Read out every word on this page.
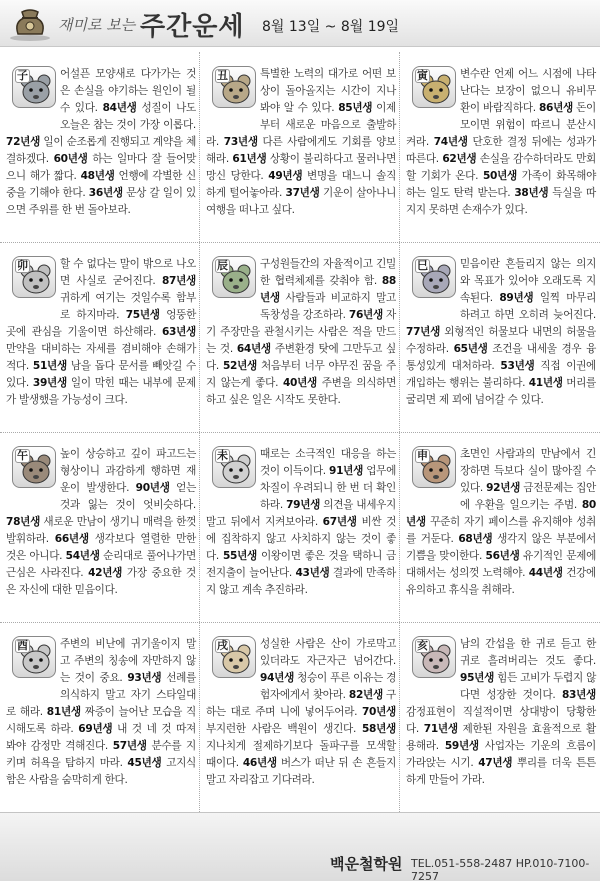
재미로 보는 주간운세 8월 13일 ~ 8월 19일
子	어설픈 모양새로 다가가는 것은 손실을 야기하는 원인이 될 수 있다. 84년생 성질이 나도 오늘은 참는 것이 가장 이롭다. 72년생 일이 순조롭게 진행되고 계약을 체결하겠다. 60년생 하는 일마다 잘 들어맞으니 해가 짧다. 48년생 언행에 각별한 신중을 기해야 한다. 36년생 문상 갈 일이 있으면 주위를 한 번 돌아보라.
丑	특별한 노력의 대가로 어떤 보상이 돌아올지는 시간이 지나봐야 알 수 있다. 85년생 이제부터 새로운 마음으로 출발하라. 73년생 다른 사람에게도 기회를 양보해라. 61년생 상황이 불리하다고 물러나면 망신 당한다. 49년생 변명을 대느니 솔직하게 털어놓아라. 37년생 기운이 살아나니 여행을 떠나고 싶다.
寅	변수란 언제 어느 시점에 나타난다는 보장이 없으니 유비무환이 바람직하다. 86년생 돈이 모이면 위험이 따르니 분산시켜라. 74년생 단호한 결정 뒤에는 성과가 따른다. 62년생 손실을 감수하더라도 만회할 기회가 온다. 50년생 가족이 화목해야 하는 일도 탄력 받는다. 38년생 득실을 따지지 못하면 손재수가 있다.
卯	할 수 없다는 말이 밖으로 나오면 사실로 굳어진다. 87년생 귀하게 여기는 것일수록 함부로 하지마라. 75년생 엉뚱한 곳에 관심을 기울이면 하산해라. 63년생 만약을 대비하는 자세를 겸비해야 손해가 적다. 51년생 남을 돕다 문서를 빼앗길 수 있다. 39년생 일이 막힌 때는 내부에 문제가 발생했을 가능성이 크다.
辰	구성원들간의 자율적이고 긴밀한 협력체제를 갖춰야 함. 88년생 사람들과 비교하지 말고 독창성을 강조하라. 76년생 자기 주장만을 관철시키는 사람은 적을 만드는 것. 64년생 주변환경 탓에 그만두고 싶다. 52년생 처음부터 너무 야무진 꿈을 주지 않는게 좋다. 40년생 주변을 의식하면 하고 싶은 일은 시작도 못한다.
巳	믿음이란 흔들리지 않는 의지와 목표가 있어야 오래도록 지속된다. 89년생 일찍 마무리 하려고 하면 오히려 늦어진다. 77년생 외형적인 허물보다 내면의 허물을 수정하라. 65년생 조건을 내세울 경우 융통성있게 대처하라. 53년생 직접 이권에 개입하는 행위는 불리하다. 41년생 머리를 굴리면 제 꾀에 넘어갈 수 있다.
午	높이 상승하고 깊이 파고드는 형상이니 과감하게 행하면 재운이 발생한다. 90년생 얻는 것과 잃는 것이 엇비슷하다. 78년생 새로운 만남이 생기니 매력을 한껏 발휘하라. 66년생 생각보다 열렬한 만한 것은 아니다. 54년생 순리대로 풀어나가면 근심은 사라진다. 42년생 가장 중요한 것은 자신에 대한 믿음이다.
未	때로는 소극적인 대응을 하는 것이 이득이다. 91년생 업무에 차질이 우려되니 한 번 더 확인하라. 79년생 의견을 내세우지 말고 뒤에서 지켜보아라. 67년생 비싼 것에 집착하지 않고 사치하지 않는 것이 좋다. 55년생 이왕이면 좋은 것을 택하니 금전지출이 늘어난다. 43년생 결과에 만족하지 않고 계속 추진하라.
申	초면인 사람과의 만남에서 긴장하면 득보다 실이 많아질 수 있다. 92년생 금전문제는 집안에 우환을 일으키는 주범. 80년생 꾸준히 자기 페이스를 유지해야 성취를 거둔다. 68년생 생각지 않은 부분에서 기쁨을 맞이한다. 56년생 유기적인 문제에 대해서는 성의껏 노력해야. 44년생 건강에 유의하고 휴식을 취해라.
酉	주변의 비난에 귀기울이지 말고 주변의 칭송에 자만하지 않는 것이 중요. 93년생 선례를 의식하지 말고 자기 스타일대로 해라. 81년생 짜증이 늘어난 모습을 직시해도록 하라. 69년생 내 것 네 것 따져 봐야 감정만 격해진다. 57년생 분수를 지키며 허욕을 탐하지 마라. 45년생 고지식함은 사람을 숨막히게 한다.
戌	성실한 사람은 산이 가로막고 있더라도 자근자근 넘어간다. 94년생 청승이 푸른 이유는 경험자에게서 찾아라. 82년생 구하는 대로 주며 니에 넣어두어라. 70년생 부지런한 사람은 백원이 생긴다. 58년생 지나치게 절제하기보다 돌파구를 모색할 때이다. 46년생 버스가 떠난 뒤 손 흔들지 말고 자리잡고 기다려라.
亥	남의 간섭을 한 귀로 듣고 한 귀로 흘려버리는 것도 좋다. 95년생 힘든 고비가 두렵지 않다면 성장한 것이다. 83년생 감정표현이 직설적이면 상대방이 당황한다. 71년생 제한된 자원을 효율적으로 활용해라. 59년생 사업자는 기운의 흐름이 가라앉는 시기. 47년생 뿌리를 더욱 튼튼하게 만들어 가라.
백운철학원 TEL.051-558-2487 HP.010-7100-7257
